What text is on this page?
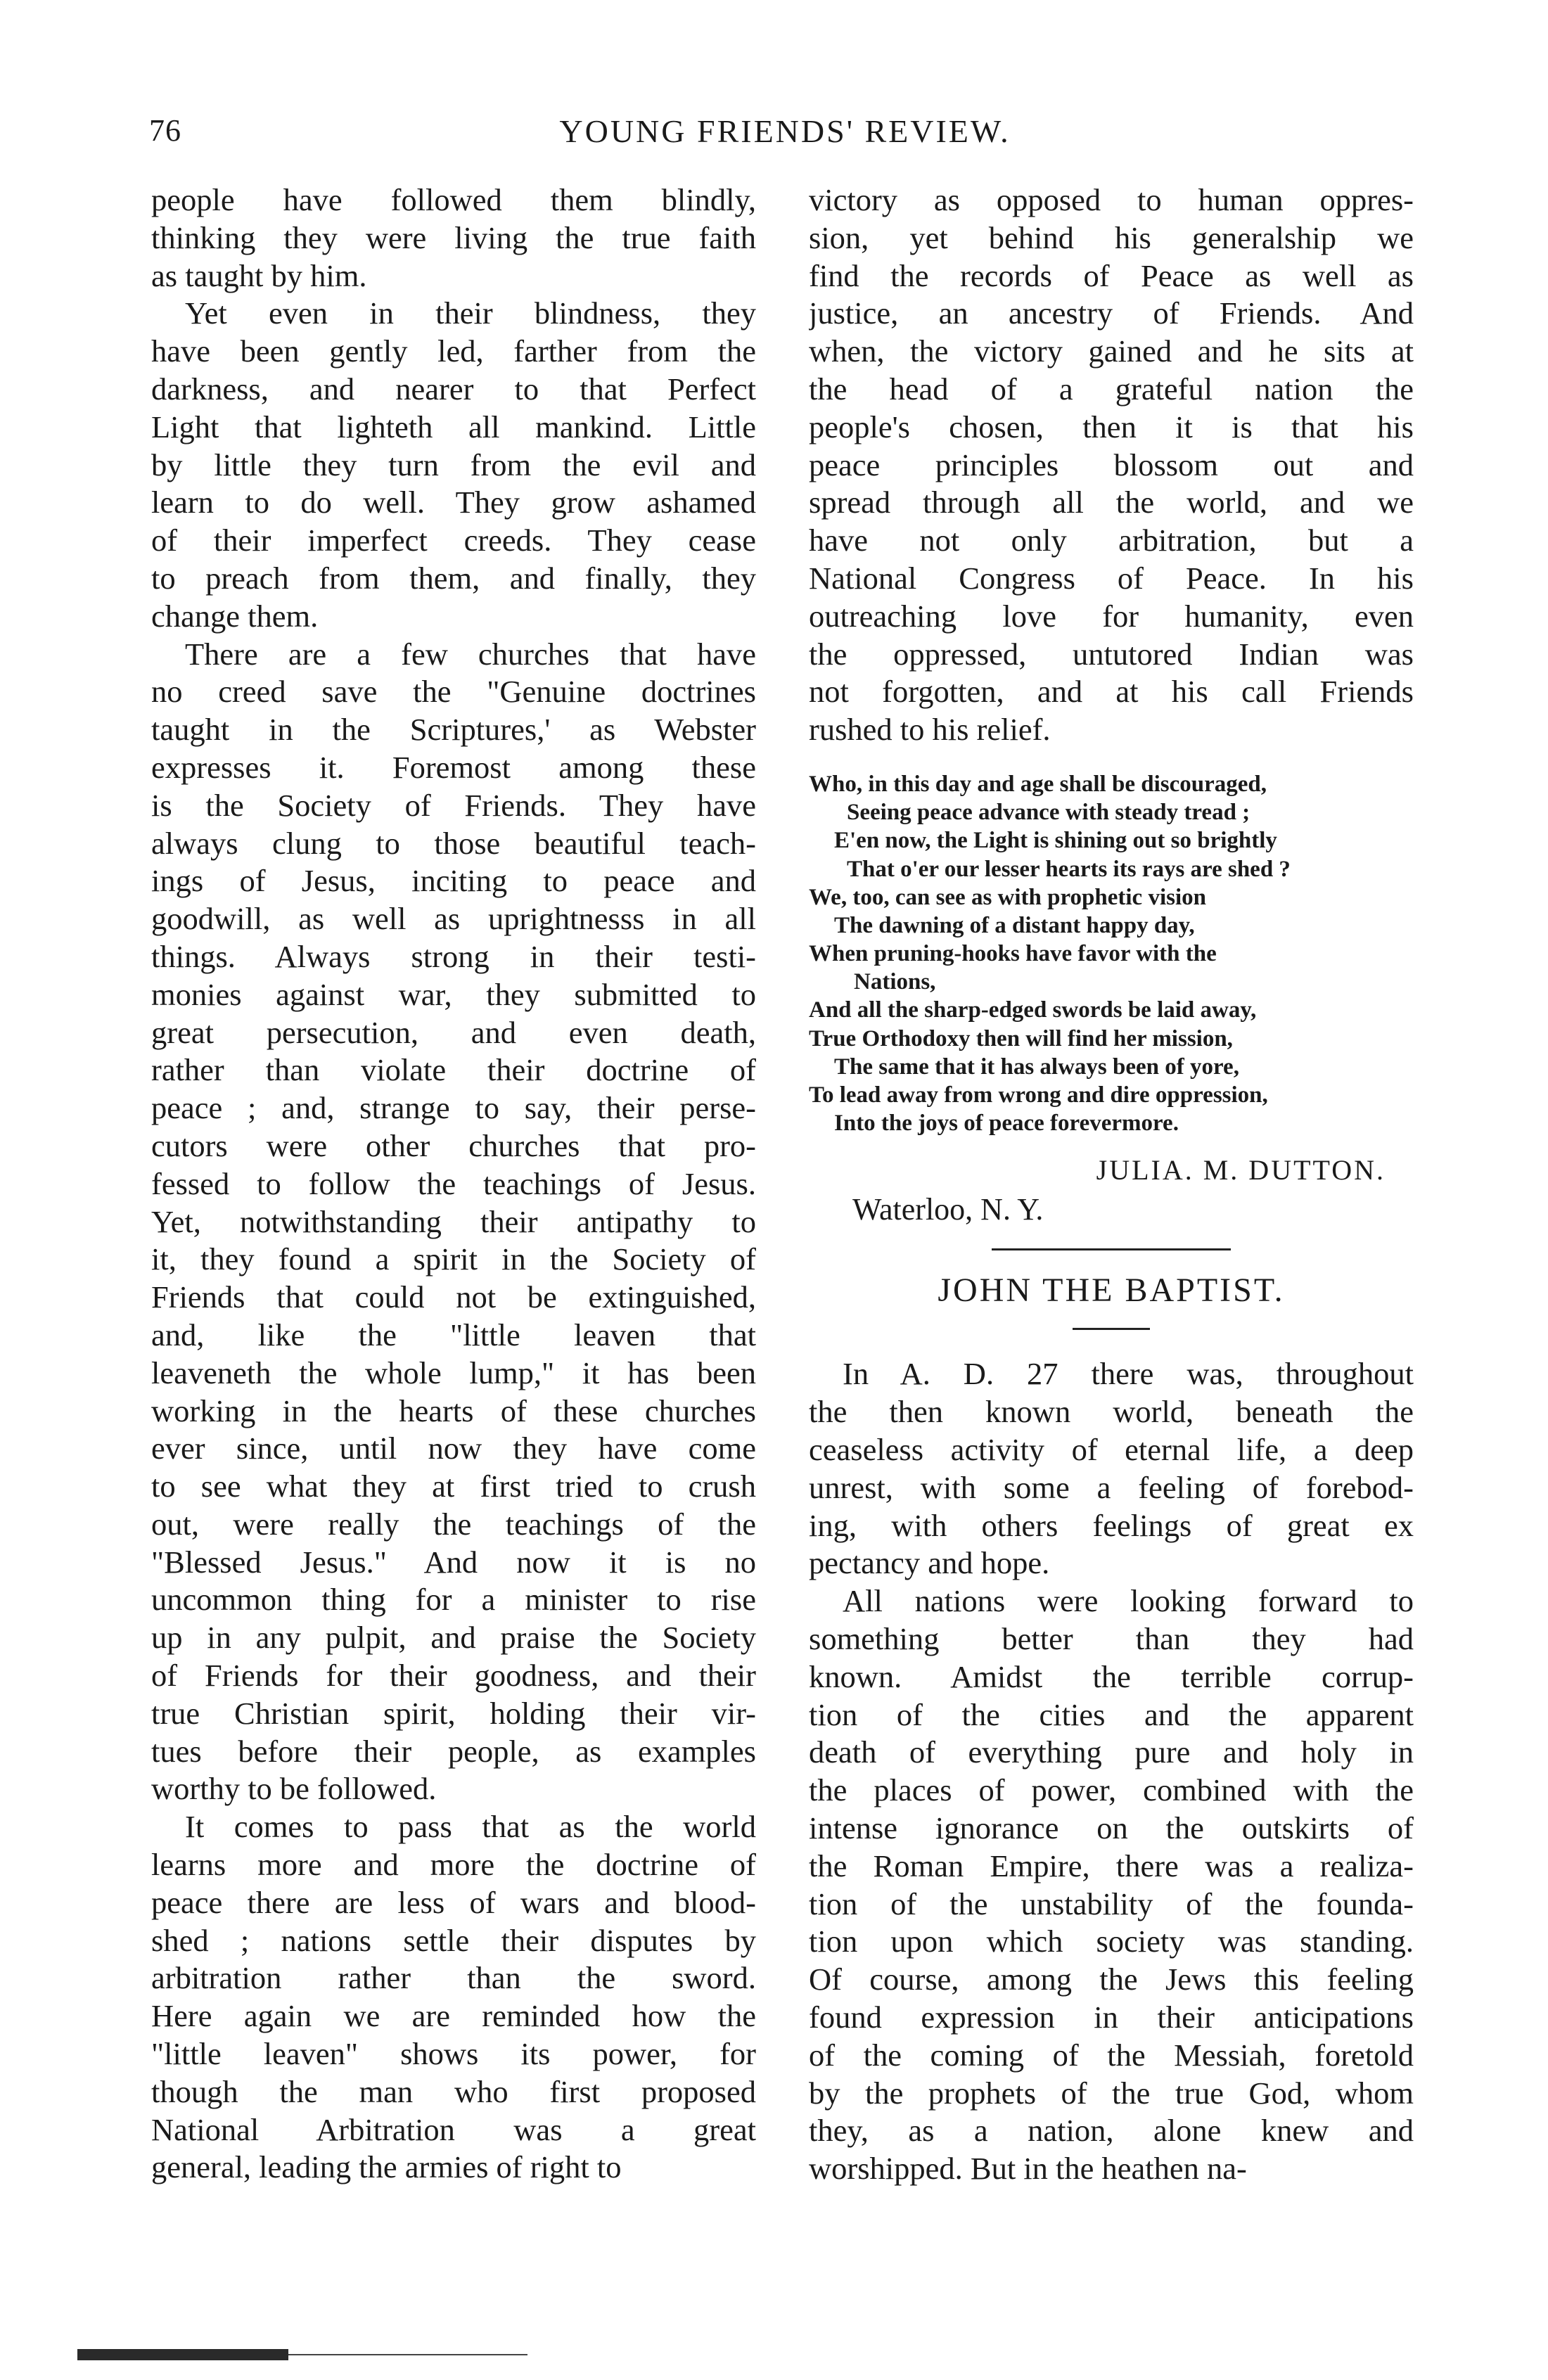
76	YOUNG FRIENDS' REVIEW.
people have followed them blindly,
thinking they were living the true faith
as taught by him.
Yet even in their blindness, they
have been gently led, farther from the
darkness, and nearer to that Perfect
Light that lighteth all mankind. Little
by little they turn from the evil and
learn to do well. They grow ashamed
of their imperfect creeds. They cease
to preach from them, and finally, they
change them.
There are a few churches that have
no creed save the "Genuine doctrines
taught in the Scriptures,' as Webster
expresses it. Foremost among these
is the Society of Friends. They have
always clung to those beautiful teach-
ings of Jesus, inciting to peace and
goodwill, as well as uprightnesss in all
things. Always strong in their testi-
monies against war, they submitted to
great persecution, and even death,
rather than violate their doctrine of
peace ; and, strange to say, their perse-
cutors were other churches that pro-
fessed to follow the teachings of Jesus.
Yet, notwithstanding their antipathy to
it, they found a spirit in the Society of
Friends that could not be extinguished,
and, like the "little leaven that
leaveneth the whole lump," it has been
working in the hearts of these churches
ever since, until now they have come
to see what they at first tried to crush
out, were really the teachings of the
"Blessed Jesus." And now it is no
uncommon thing for a minister to rise
up in any pulpit, and praise the Society
of Friends for their goodness, and their
true Christian spirit, holding their vir-
tues before their people, as examples
worthy to be followed.
It comes to pass that as the world
learns more and more the doctrine of
peace there are less of wars and blood-
shed ; nations settle their disputes by
arbitration rather than the sword.
Here again we are reminded how the
"little leaven" shows its power, for
though the man who first proposed
National Arbitration was a great
general, leading the armies of right to
victory as opposed to human oppres-
sion, yet behind his generalship we
find the records of Peace as well as
justice, an ancestry of Friends. And
when, the victory gained and he sits at
the head of a grateful nation the
people's chosen, then it is that his
peace principles blossom out and
spread through all the world, and we
have not only arbitration, but a
National Congress of Peace. In his
outreaching love for humanity, even
the oppressed, untutored Indian was
not forgotten, and at his call Friends
rushed to his relief.
Who, in this day and age shall be discouraged,
Seeing peace advance with steady tread ;
E'en now, the Light is shining out so brightly
That o'er our lesser hearts its rays are shed ?
We, too, can see as with prophetic vision
The dawning of a distant happy day,
When pruning-hooks have favor with the
Nations,
And all the sharp-edged swords be laid away,
True Orthodoxy then will find her mission,
The same that it has always been of yore,
To lead away from wrong and dire oppression,
Into the joys of peace forevermore.
JULIA. M. DUTTON.
Waterloo, N. Y.
JOHN THE BAPTIST.
In A. D. 27 there was, throughout
the then known world, beneath the
ceaseless activity of eternal life, a deep
unrest, with some a feeling of forebod-
ing, with others feelings of great ex
pectancy and hope.
All nations were looking forward to
something better than they had
known. Amidst the terrible corrup-
tion of the cities and the apparent
death of everything pure and holy in
the places of power, combined with the
intense ignorance on the outskirts of
the Roman Empire, there was a realiza-
tion of the unstability of the founda-
tion upon which society was standing.
Of course, among the Jews this feeling
found expression in their anticipations
of the coming of the Messiah, foretold
by the prophets of the true God, whom
they, as a nation, alone knew and
worshipped. But in the heathen na-
